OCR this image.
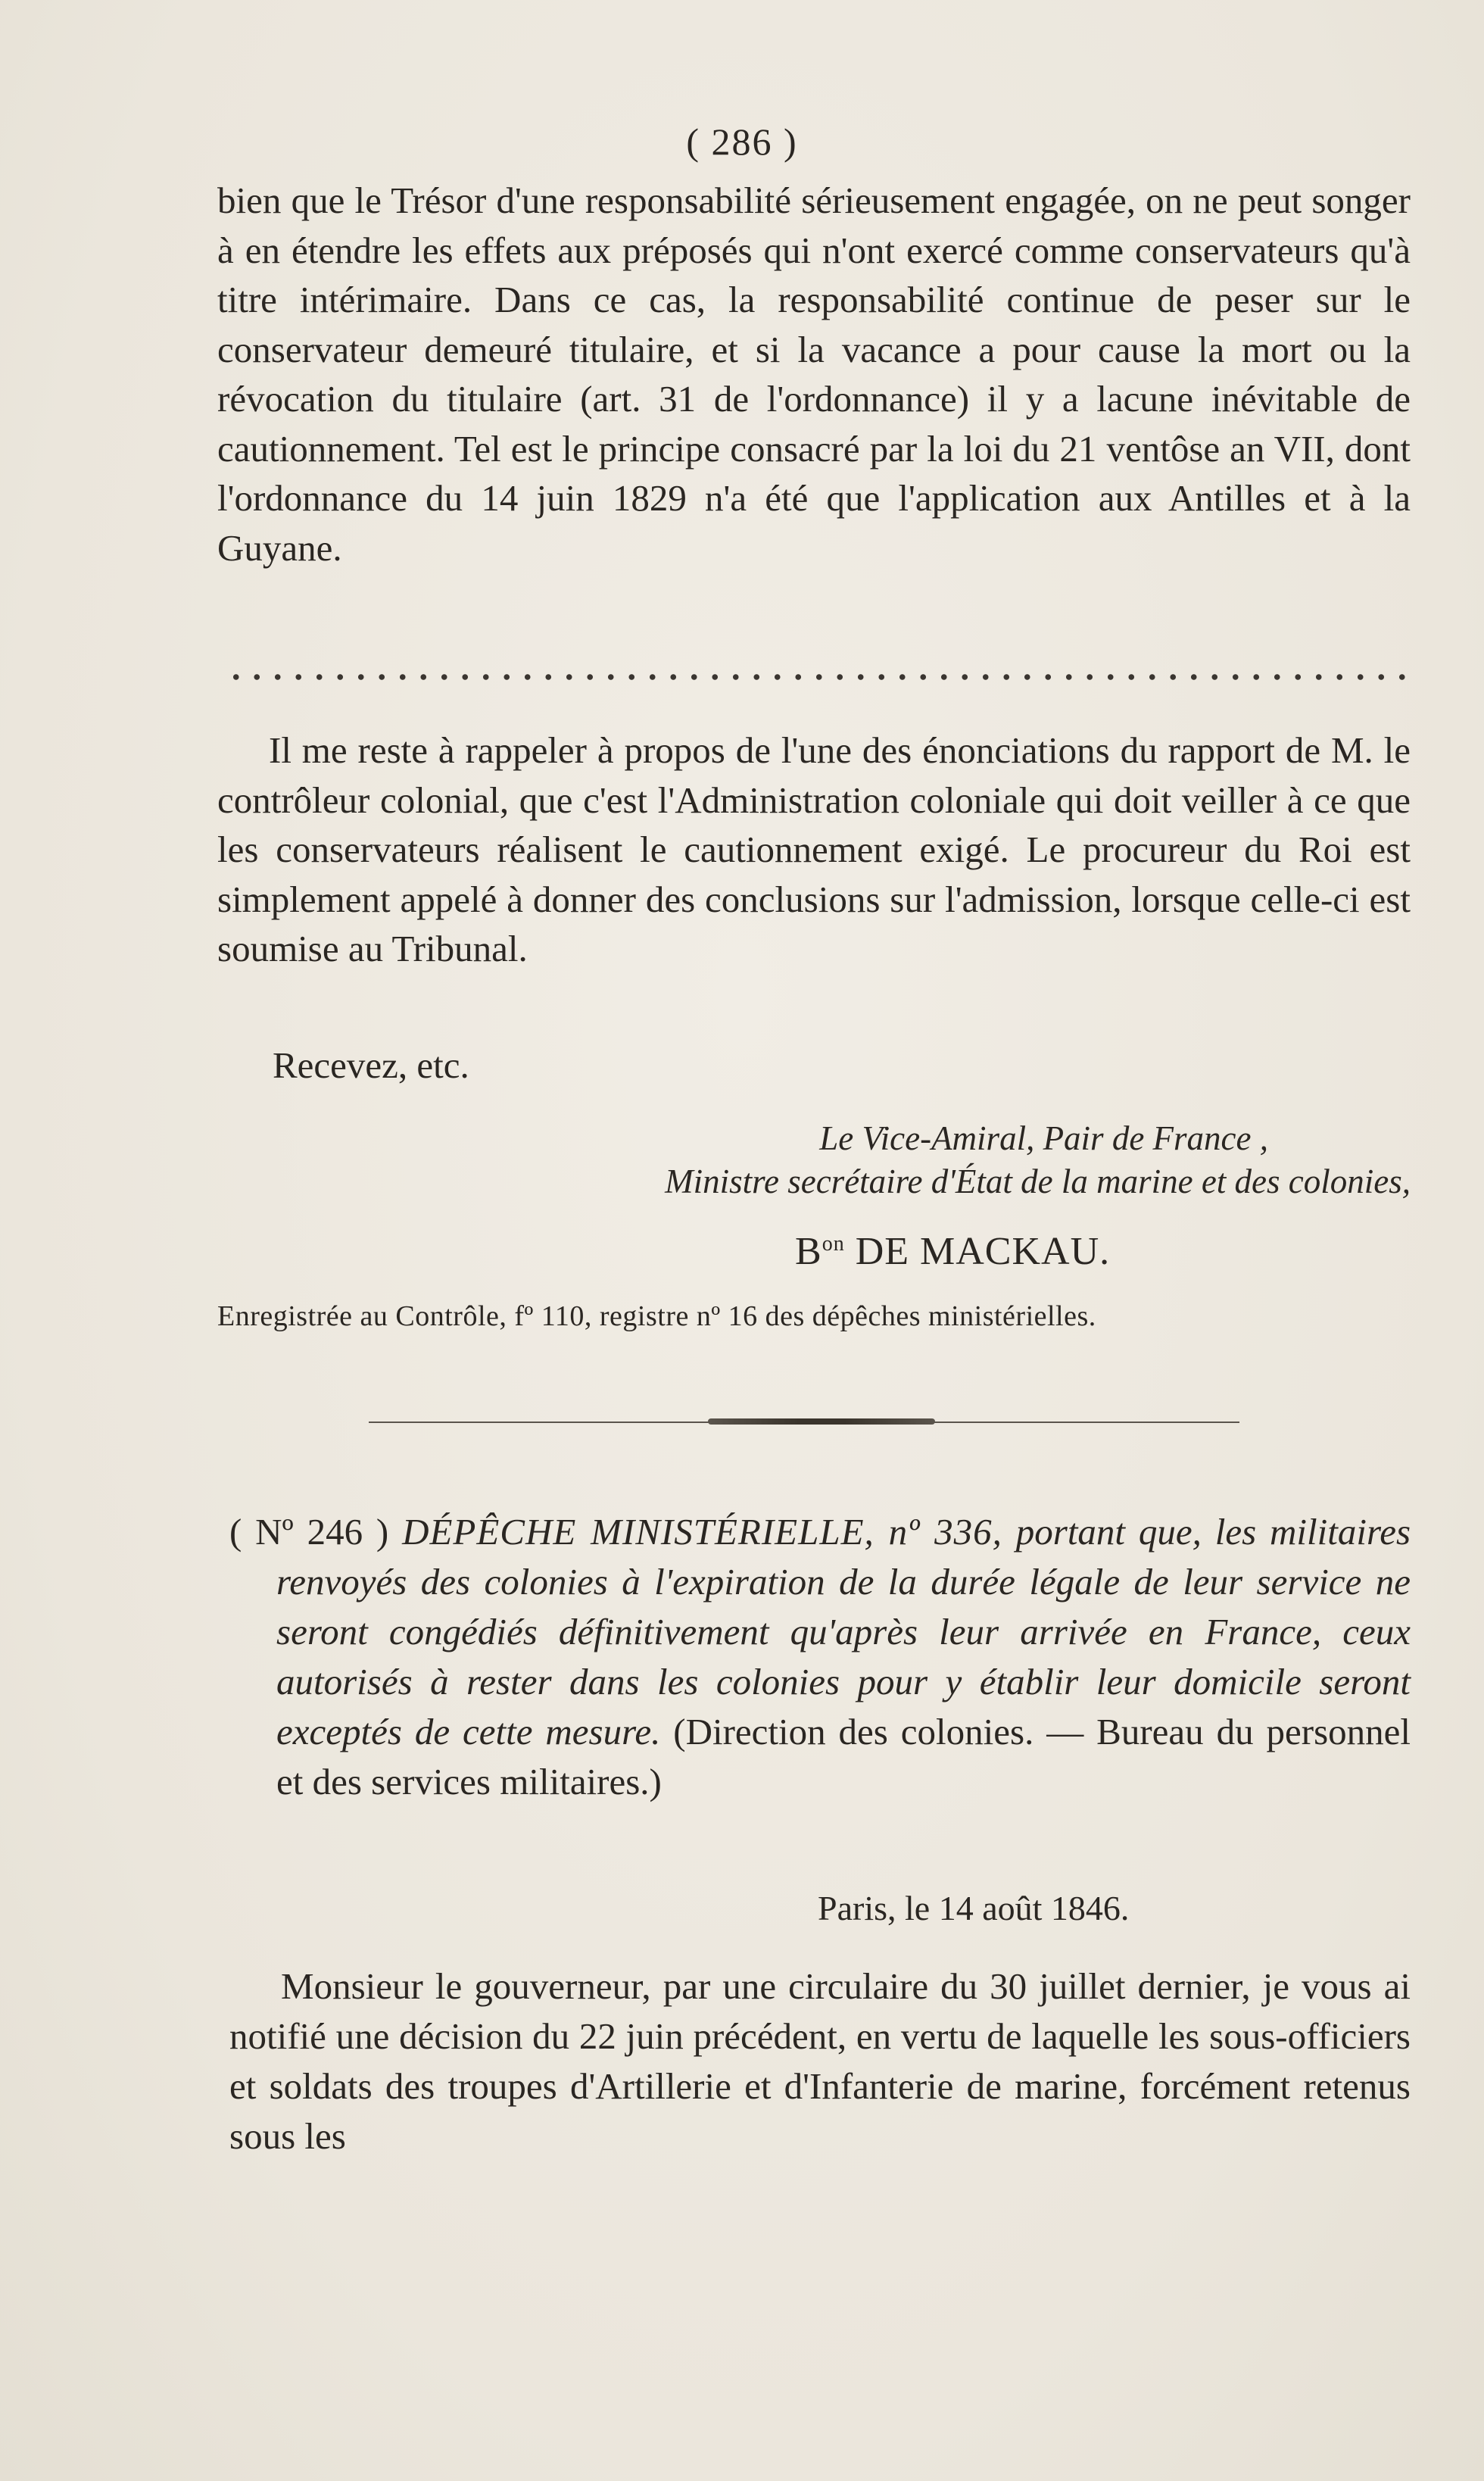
( 286 )

bien que le Trésor d'une responsabilité sérieusement engagée, on ne peut songer à en étendre les effets aux préposés qui n'ont exercé comme conservateurs qu'à titre intérimaire. Dans ce cas, la responsabilité continue de peser sur le conservateur demeuré titulaire, et si la vacance a pour cause la mort ou la révocation du titulaire (art. 31 de l'ordonnance) il y a lacune inévitable de cautionnement. Tel est le principe consacré par la loi du 21 ventôse an VII, dont l'ordonnance du 14 juin 1829 n'a été que l'application aux Antilles et à la Guyane.

Il me reste à rappeler à propos de l'une des énonciations du rapport de M. le contrôleur colonial, que c'est l'Administration coloniale qui doit veiller à ce que les conservateurs réalisent le cautionnement exigé. Le procureur du Roi est simplement appelé à donner des conclusions sur l'admission, lorsque celle-ci est soumise au Tribunal.

Recevez, etc.
Le Vice-Amiral, Pair de France ,
Ministre secrétaire d'État de la marine et des colonies,
$B^{on}$ DE MACKAU.
Enregistrée au Contrôle, fº 110, registre nº 16 des dépêches ministérielles.

( Nº 246 ) DÉPÊCHE MINISTÉRIELLE, nº 336, portant que, les militaires renvoyés des colonies à l'expiration de la durée légale de leur service ne seront congédiés définitivement qu'après leur arrivée en France, ceux autorisés à rester dans les colonies pour y établir leur domicile seront exceptés de cette mesure. (Direction des colonies. — Bureau du personnel et des services militaires.)

Paris, le 14 août 1846.

Monsieur le gouverneur, par une circulaire du 30 juillet dernier, je vous ai notifié une décision du 22 juin précédent, en vertu de laquelle les sous-officiers et soldats des troupes d'Artillerie et d'Infanterie de marine, forcément retenus sous les
